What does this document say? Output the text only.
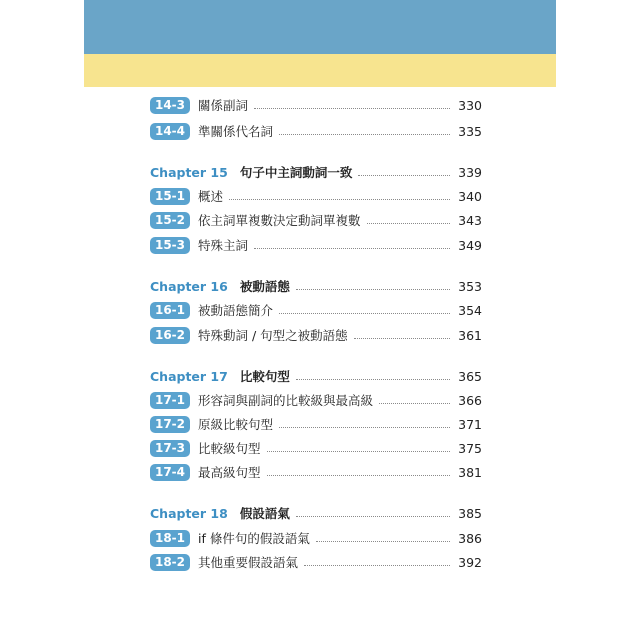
14-3	關係副詞	330
14-4	準關係代名詞	335
Chapter 15 句子中主詞動詞一致	339
15-1	概述	340
15-2	依主詞單複數決定動詞單複數	343
15-3	特殊主詞	349
Chapter 16 被動語態	353
16-1	被動語態簡介	354
16-2	特殊動詞 / 句型之被動語態	361
Chapter 17 比較句型	365
17-1	形容詞與副詞的比較級與最高級	366
17-2	原級比較句型	371
17-3	比較級句型	375
17-4	最高級句型	381
Chapter 18 假設語氣	385
18-1	if 條件句的假設語氣	386
18-2	其他重要假設語氣	392
